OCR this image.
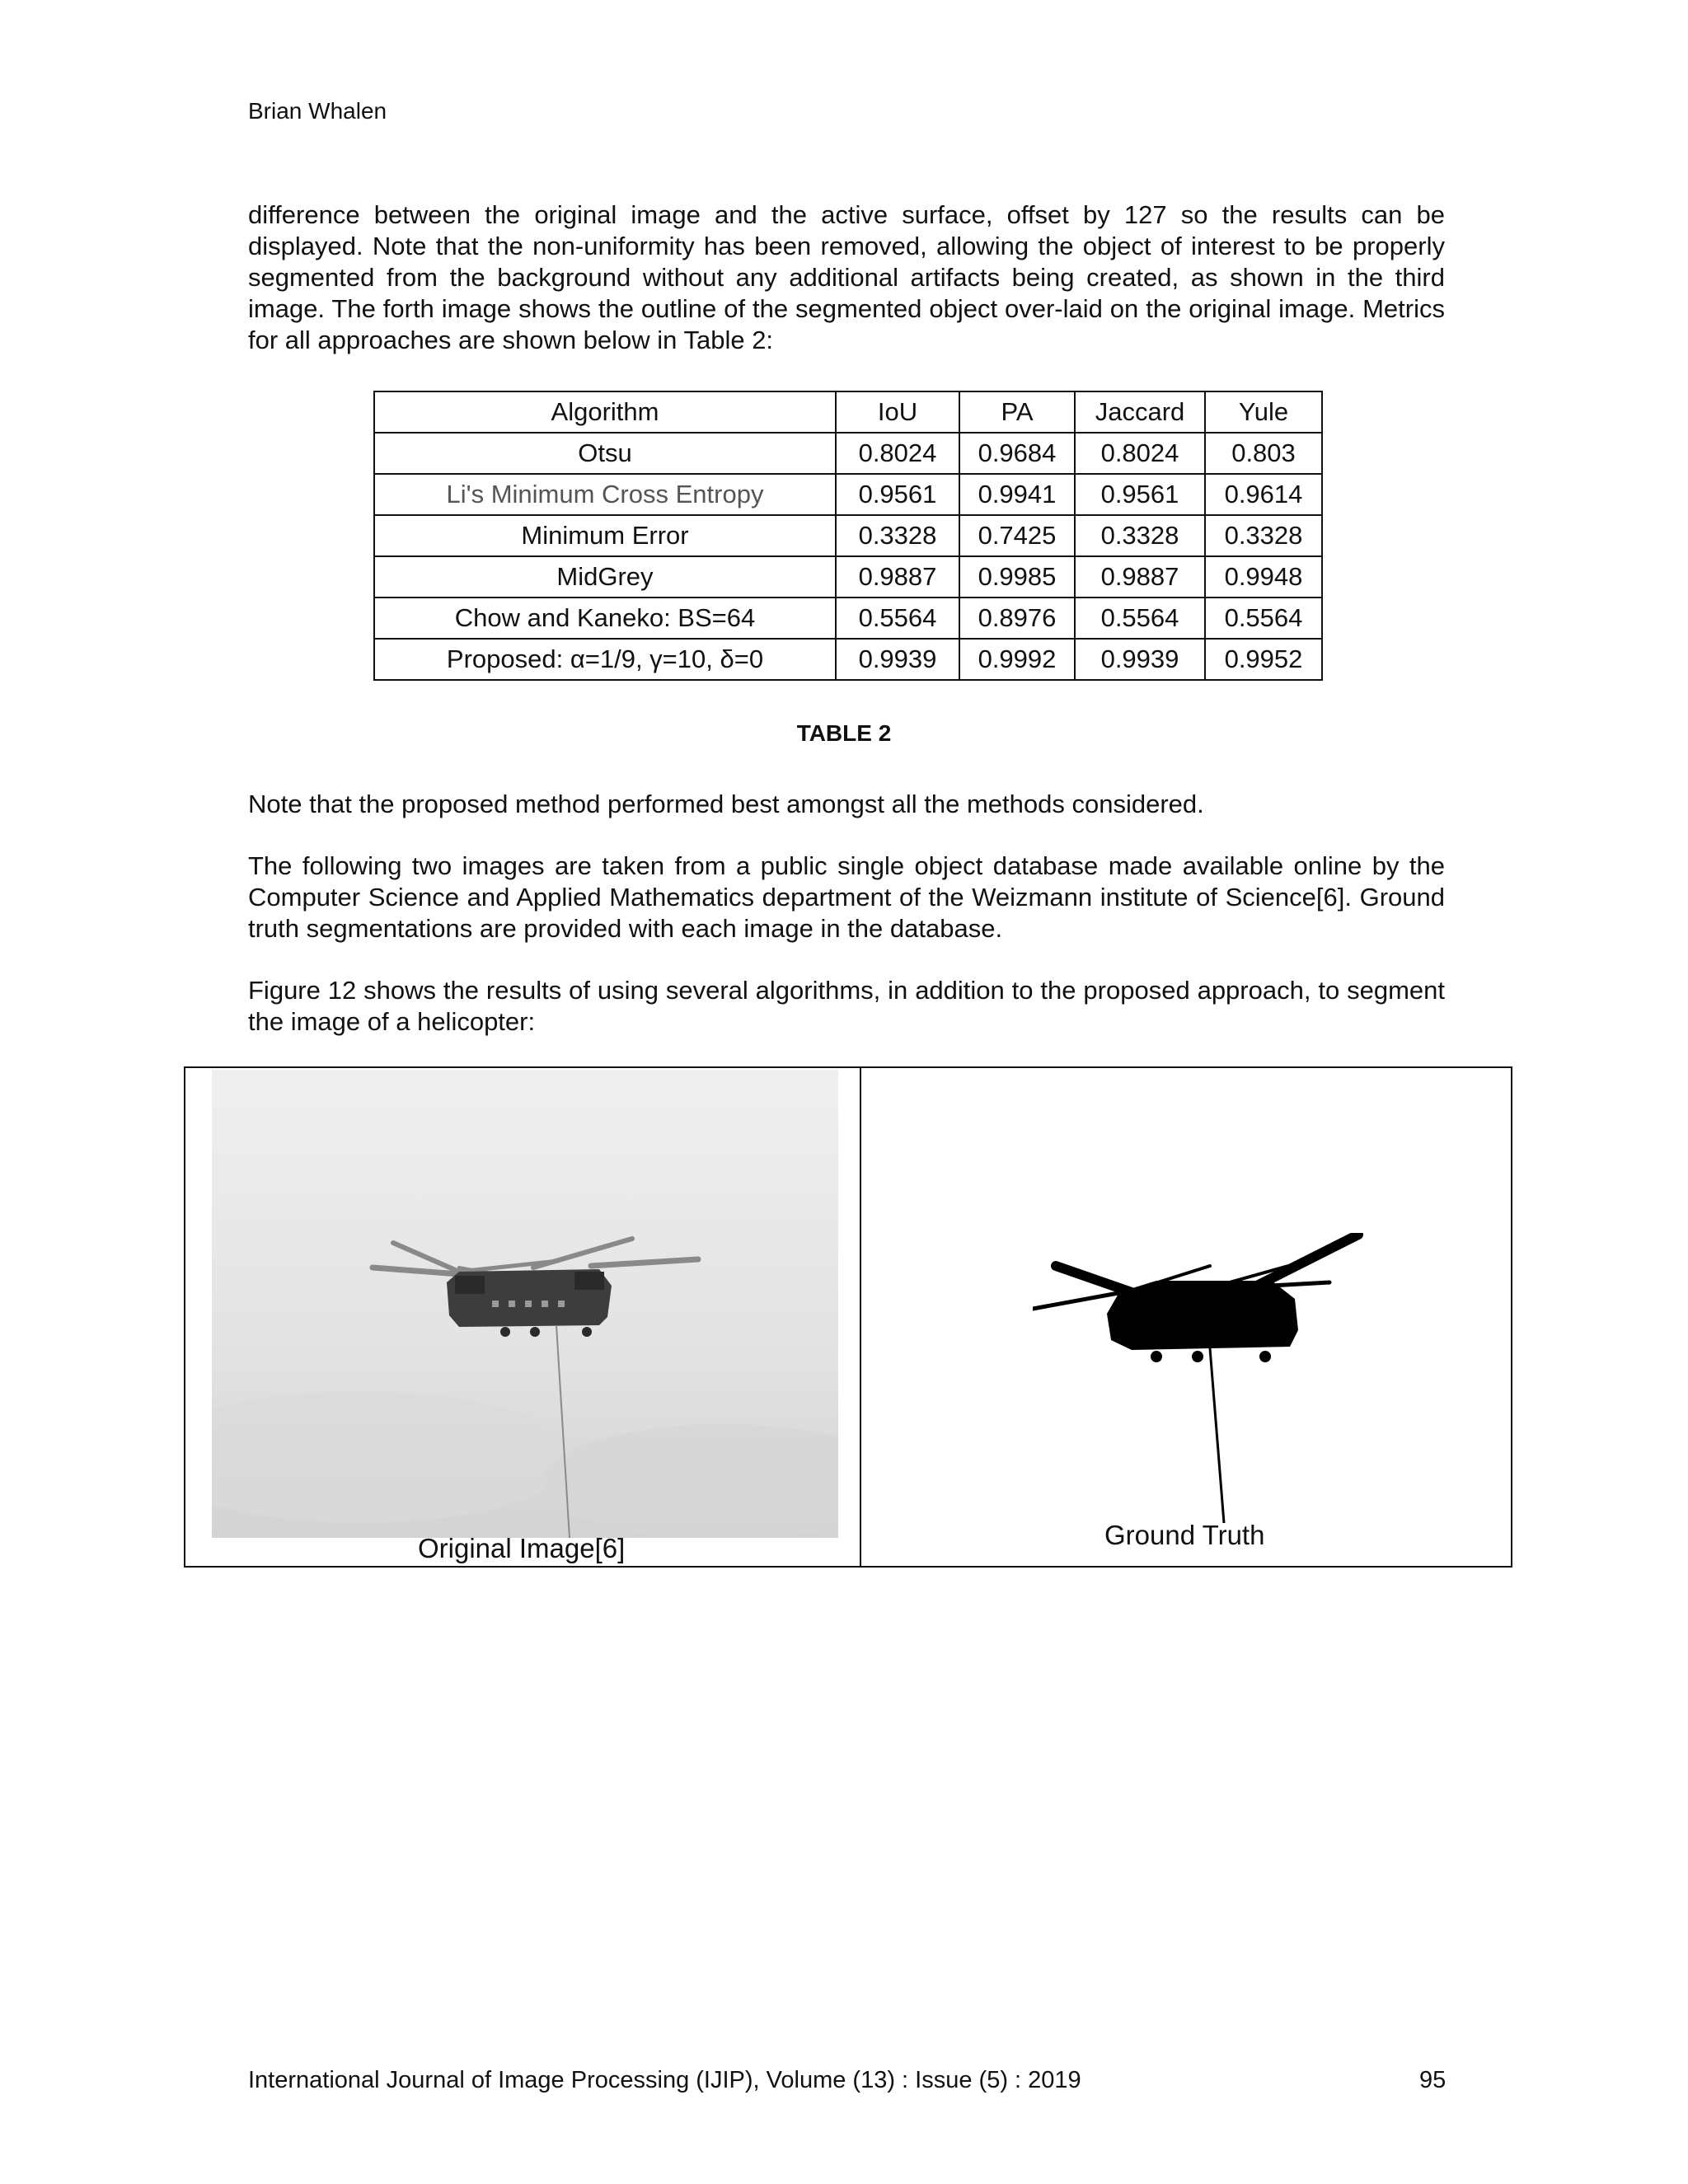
Brian Whalen

difference between the original image and the active surface, offset by 127 so the results can be displayed. Note that the non-uniformity has been removed, allowing the object of interest to be properly segmented from the background without any additional artifacts being created, as shown in the third image. The forth image shows the outline of the segmented object over-laid on the original image. Metrics for all approaches are shown below in Table 2:

Algorithm	IoU	PA	Jaccard	Yule
Otsu	0.8024	0.9684	0.8024	0.803
Li's Minimum Cross Entropy	0.9561	0.9941	0.9561	0.9614
Minimum Error	0.3328	0.7425	0.3328	0.3328
MidGrey	0.9887	0.9985	0.9887	0.9948
Chow and Kaneko: BS=64	0.5564	0.8976	0.5564	0.5564
Proposed: α=1/9, γ=10, δ=0	0.9939	0.9992	0.9939	0.9952
TABLE 2

Note that the proposed method performed best amongst all the methods considered.

The following two images are taken from a public single object database made available online by the Computer Science and Applied Mathematics department of the Weizmann institute of Science[6]. Ground truth segmentations are provided with each image in the database.

Figure 12 shows the results of using several algorithms, in addition to the proposed approach, to segment the image of a helicopter:

Original Image[6]	Ground Truth
International Journal of Image Processing (IJIP), Volume (13) : Issue (5) : 2019	95
